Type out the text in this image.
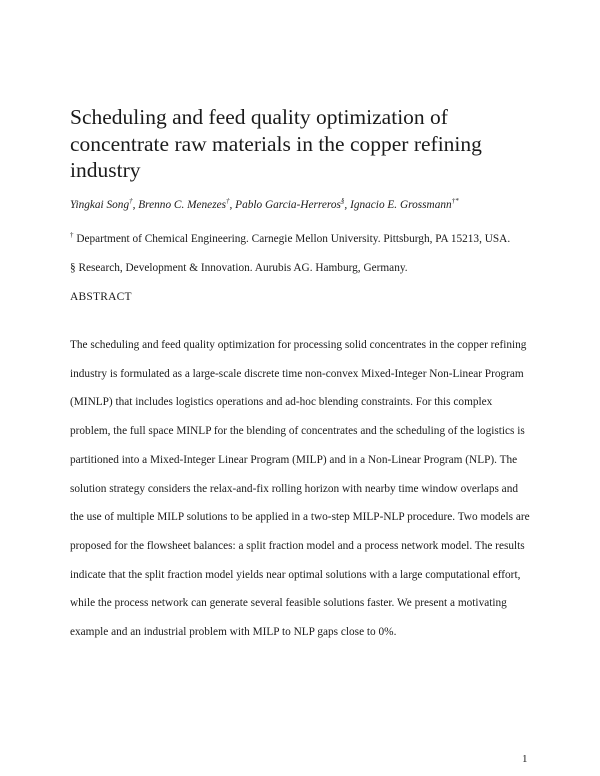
Scheduling and feed quality optimization of concentrate raw materials in the copper refining industry
Yingkai Song†, Brenno C. Menezes†, Pablo Garcia-Herreros§, Ignacio E. Grossmann†*
† Department of Chemical Engineering. Carnegie Mellon University. Pittsburgh, PA 15213, USA.
§ Research, Development & Innovation. Aurubis AG. Hamburg, Germany.
ABSTRACT

The scheduling and feed quality optimization for processing solid concentrates in the copper refining industry is formulated as a large-scale discrete time non-convex Mixed-Integer Non-Linear Program (MINLP) that includes logistics operations and ad-hoc blending constraints. For this complex problem, the full space MINLP for the blending of concentrates and the scheduling of the logistics is partitioned into a Mixed-Integer Linear Program (MILP) and in a Non-Linear Program (NLP). The solution strategy considers the relax-and-fix rolling horizon with nearby time window overlaps and the use of multiple MILP solutions to be applied in a two-step MILP-NLP procedure. Two models are proposed for the flowsheet balances: a split fraction model and a process network model. The results indicate that the split fraction model yields near optimal solutions with a large computational effort, while the process network can generate several feasible solutions faster. We present a motivating example and an industrial problem with MILP to NLP gaps close to 0%.

1
